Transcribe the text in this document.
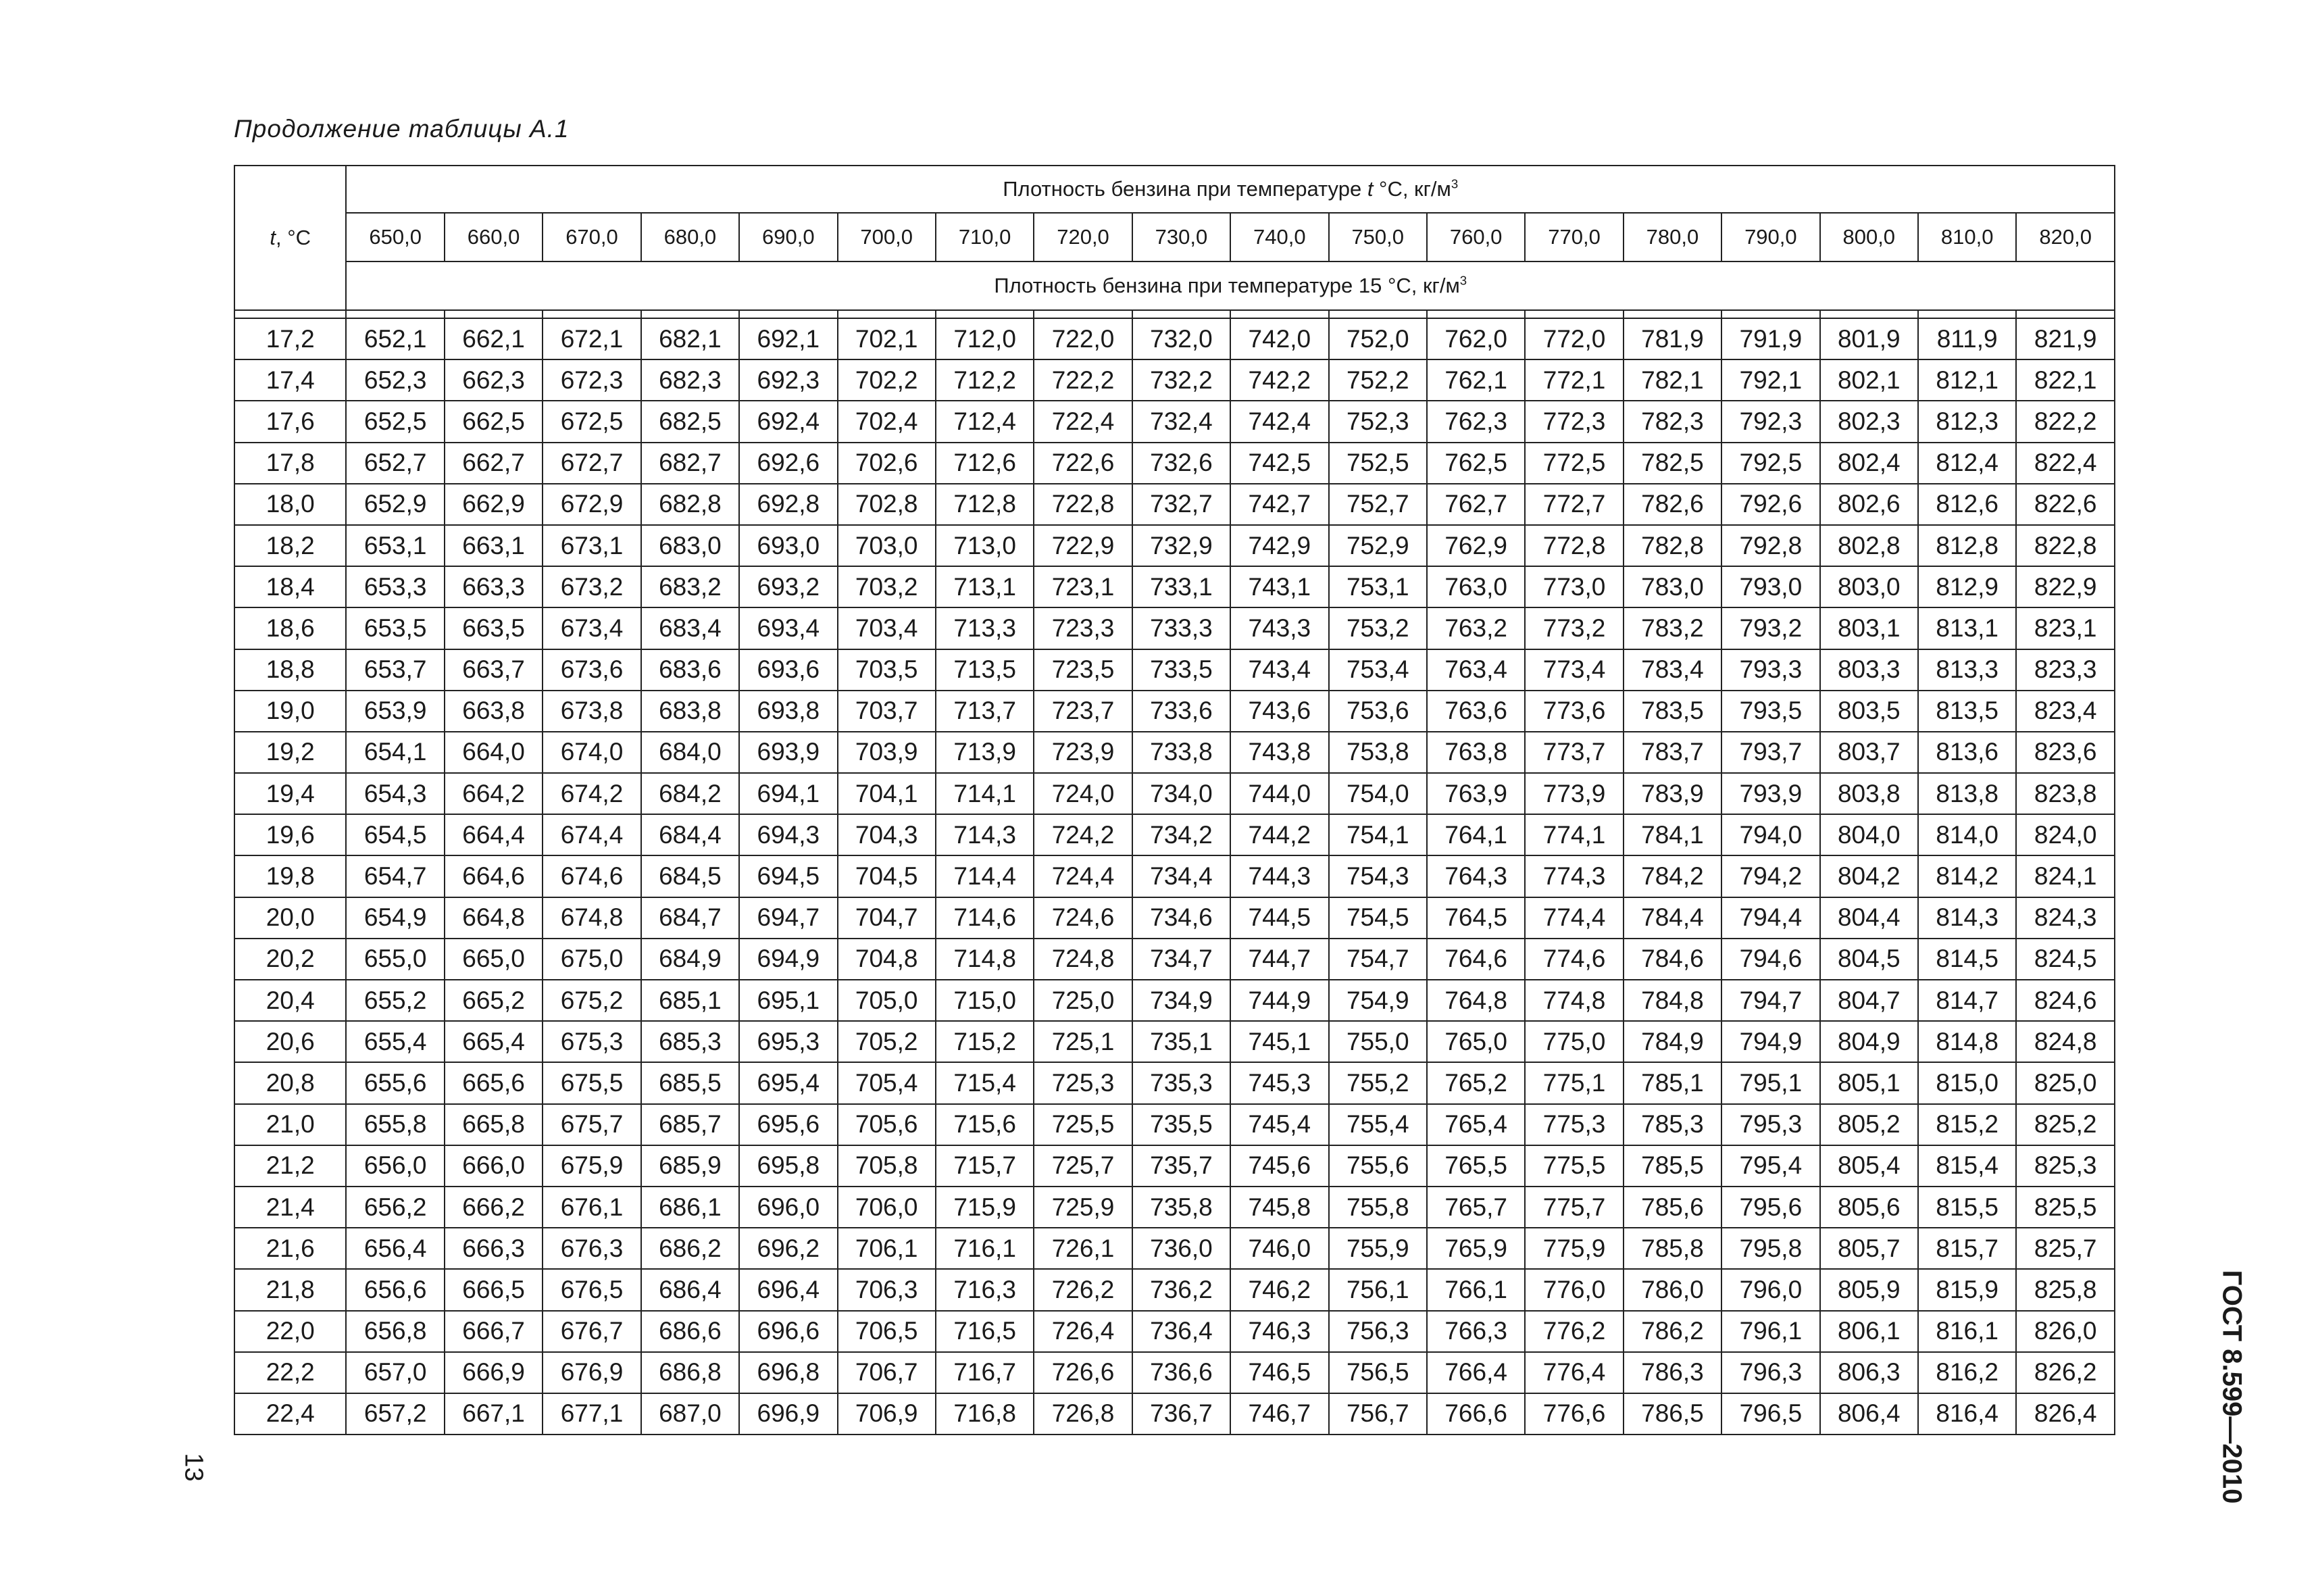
Продолжение таблицы А.1
t, °C	Плотность бензина при температуре t °C, $кг/м^3$
	650,0	660,0	670,0	680,0	690,0	700,0	710,0	720,0	730,0	740,0	750,0	760,0	770,0	780,0	790,0	800,0	810,0	820,0
	Плотность бензина при температуре 15 °С, $кг/м^3$

17,2	652,1	662,1	672,1	682,1	692,1	702,1	712,0	722,0	732,0	742,0	752,0	762,0	772,0	781,9	791,9	801,9	811,9	821,9
17,4	652,3	662,3	672,3	682,3	692,3	702,2	712,2	722,2	732,2	742,2	752,2	762,1	772,1	782,1	792,1	802,1	812,1	822,1
17,6	652,5	662,5	672,5	682,5	692,4	702,4	712,4	722,4	732,4	742,4	752,3	762,3	772,3	782,3	792,3	802,3	812,3	822,2
17,8	652,7	662,7	672,7	682,7	692,6	702,6	712,6	722,6	732,6	742,5	752,5	762,5	772,5	782,5	792,5	802,4	812,4	822,4
18,0	652,9	662,9	672,9	682,8	692,8	702,8	712,8	722,8	732,7	742,7	752,7	762,7	772,7	782,6	792,6	802,6	812,6	822,6
18,2	653,1	663,1	673,1	683,0	693,0	703,0	713,0	722,9	732,9	742,9	752,9	762,9	772,8	782,8	792,8	802,8	812,8	822,8
18,4	653,3	663,3	673,2	683,2	693,2	703,2	713,1	723,1	733,1	743,1	753,1	763,0	773,0	783,0	793,0	803,0	812,9	822,9
18,6	653,5	663,5	673,4	683,4	693,4	703,4	713,3	723,3	733,3	743,3	753,2	763,2	773,2	783,2	793,2	803,1	813,1	823,1
18,8	653,7	663,7	673,6	683,6	693,6	703,5	713,5	723,5	733,5	743,4	753,4	763,4	773,4	783,4	793,3	803,3	813,3	823,3
19,0	653,9	663,8	673,8	683,8	693,8	703,7	713,7	723,7	733,6	743,6	753,6	763,6	773,6	783,5	793,5	803,5	813,5	823,4
19,2	654,1	664,0	674,0	684,0	693,9	703,9	713,9	723,9	733,8	743,8	753,8	763,8	773,7	783,7	793,7	803,7	813,6	823,6
19,4	654,3	664,2	674,2	684,2	694,1	704,1	714,1	724,0	734,0	744,0	754,0	763,9	773,9	783,9	793,9	803,8	813,8	823,8
19,6	654,5	664,4	674,4	684,4	694,3	704,3	714,3	724,2	734,2	744,2	754,1	764,1	774,1	784,1	794,0	804,0	814,0	824,0
19,8	654,7	664,6	674,6	684,5	694,5	704,5	714,4	724,4	734,4	744,3	754,3	764,3	774,3	784,2	794,2	804,2	814,2	824,1
20,0	654,9	664,8	674,8	684,7	694,7	704,7	714,6	724,6	734,6	744,5	754,5	764,5	774,4	784,4	794,4	804,4	814,3	824,3
20,2	655,0	665,0	675,0	684,9	694,9	704,8	714,8	724,8	734,7	744,7	754,7	764,6	774,6	784,6	794,6	804,5	814,5	824,5
20,4	655,2	665,2	675,2	685,1	695,1	705,0	715,0	725,0	734,9	744,9	754,9	764,8	774,8	784,8	794,7	804,7	814,7	824,6
20,6	655,4	665,4	675,3	685,3	695,3	705,2	715,2	725,1	735,1	745,1	755,0	765,0	775,0	784,9	794,9	804,9	814,8	824,8
20,8	655,6	665,6	675,5	685,5	695,4	705,4	715,4	725,3	735,3	745,3	755,2	765,2	775,1	785,1	795,1	805,1	815,0	825,0
21,0	655,8	665,8	675,7	685,7	695,6	705,6	715,6	725,5	735,5	745,4	755,4	765,4	775,3	785,3	795,3	805,2	815,2	825,2
21,2	656,0	666,0	675,9	685,9	695,8	705,8	715,7	725,7	735,7	745,6	755,6	765,5	775,5	785,5	795,4	805,4	815,4	825,3
21,4	656,2	666,2	676,1	686,1	696,0	706,0	715,9	725,9	735,8	745,8	755,8	765,7	775,7	785,6	795,6	805,6	815,5	825,5
21,6	656,4	666,3	676,3	686,2	696,2	706,1	716,1	726,1	736,0	746,0	755,9	765,9	775,9	785,8	795,8	805,7	815,7	825,7
21,8	656,6	666,5	676,5	686,4	696,4	706,3	716,3	726,2	736,2	746,2	756,1	766,1	776,0	786,0	796,0	805,9	815,9	825,8
22,0	656,8	666,7	676,7	686,6	696,6	706,5	716,5	726,4	736,4	746,3	756,3	766,3	776,2	786,2	796,1	806,1	816,1	826,0
22,2	657,0	666,9	676,9	686,8	696,8	706,7	716,7	726,6	736,6	746,5	756,5	766,4	776,4	786,3	796,3	806,3	816,2	826,2
22,4	657,2	667,1	677,1	687,0	696,9	706,9	716,8	726,8	736,7	746,7	756,7	766,6	776,6	786,5	796,5	806,4	816,4	826,4
13	ГОСТ 8.599—2010
